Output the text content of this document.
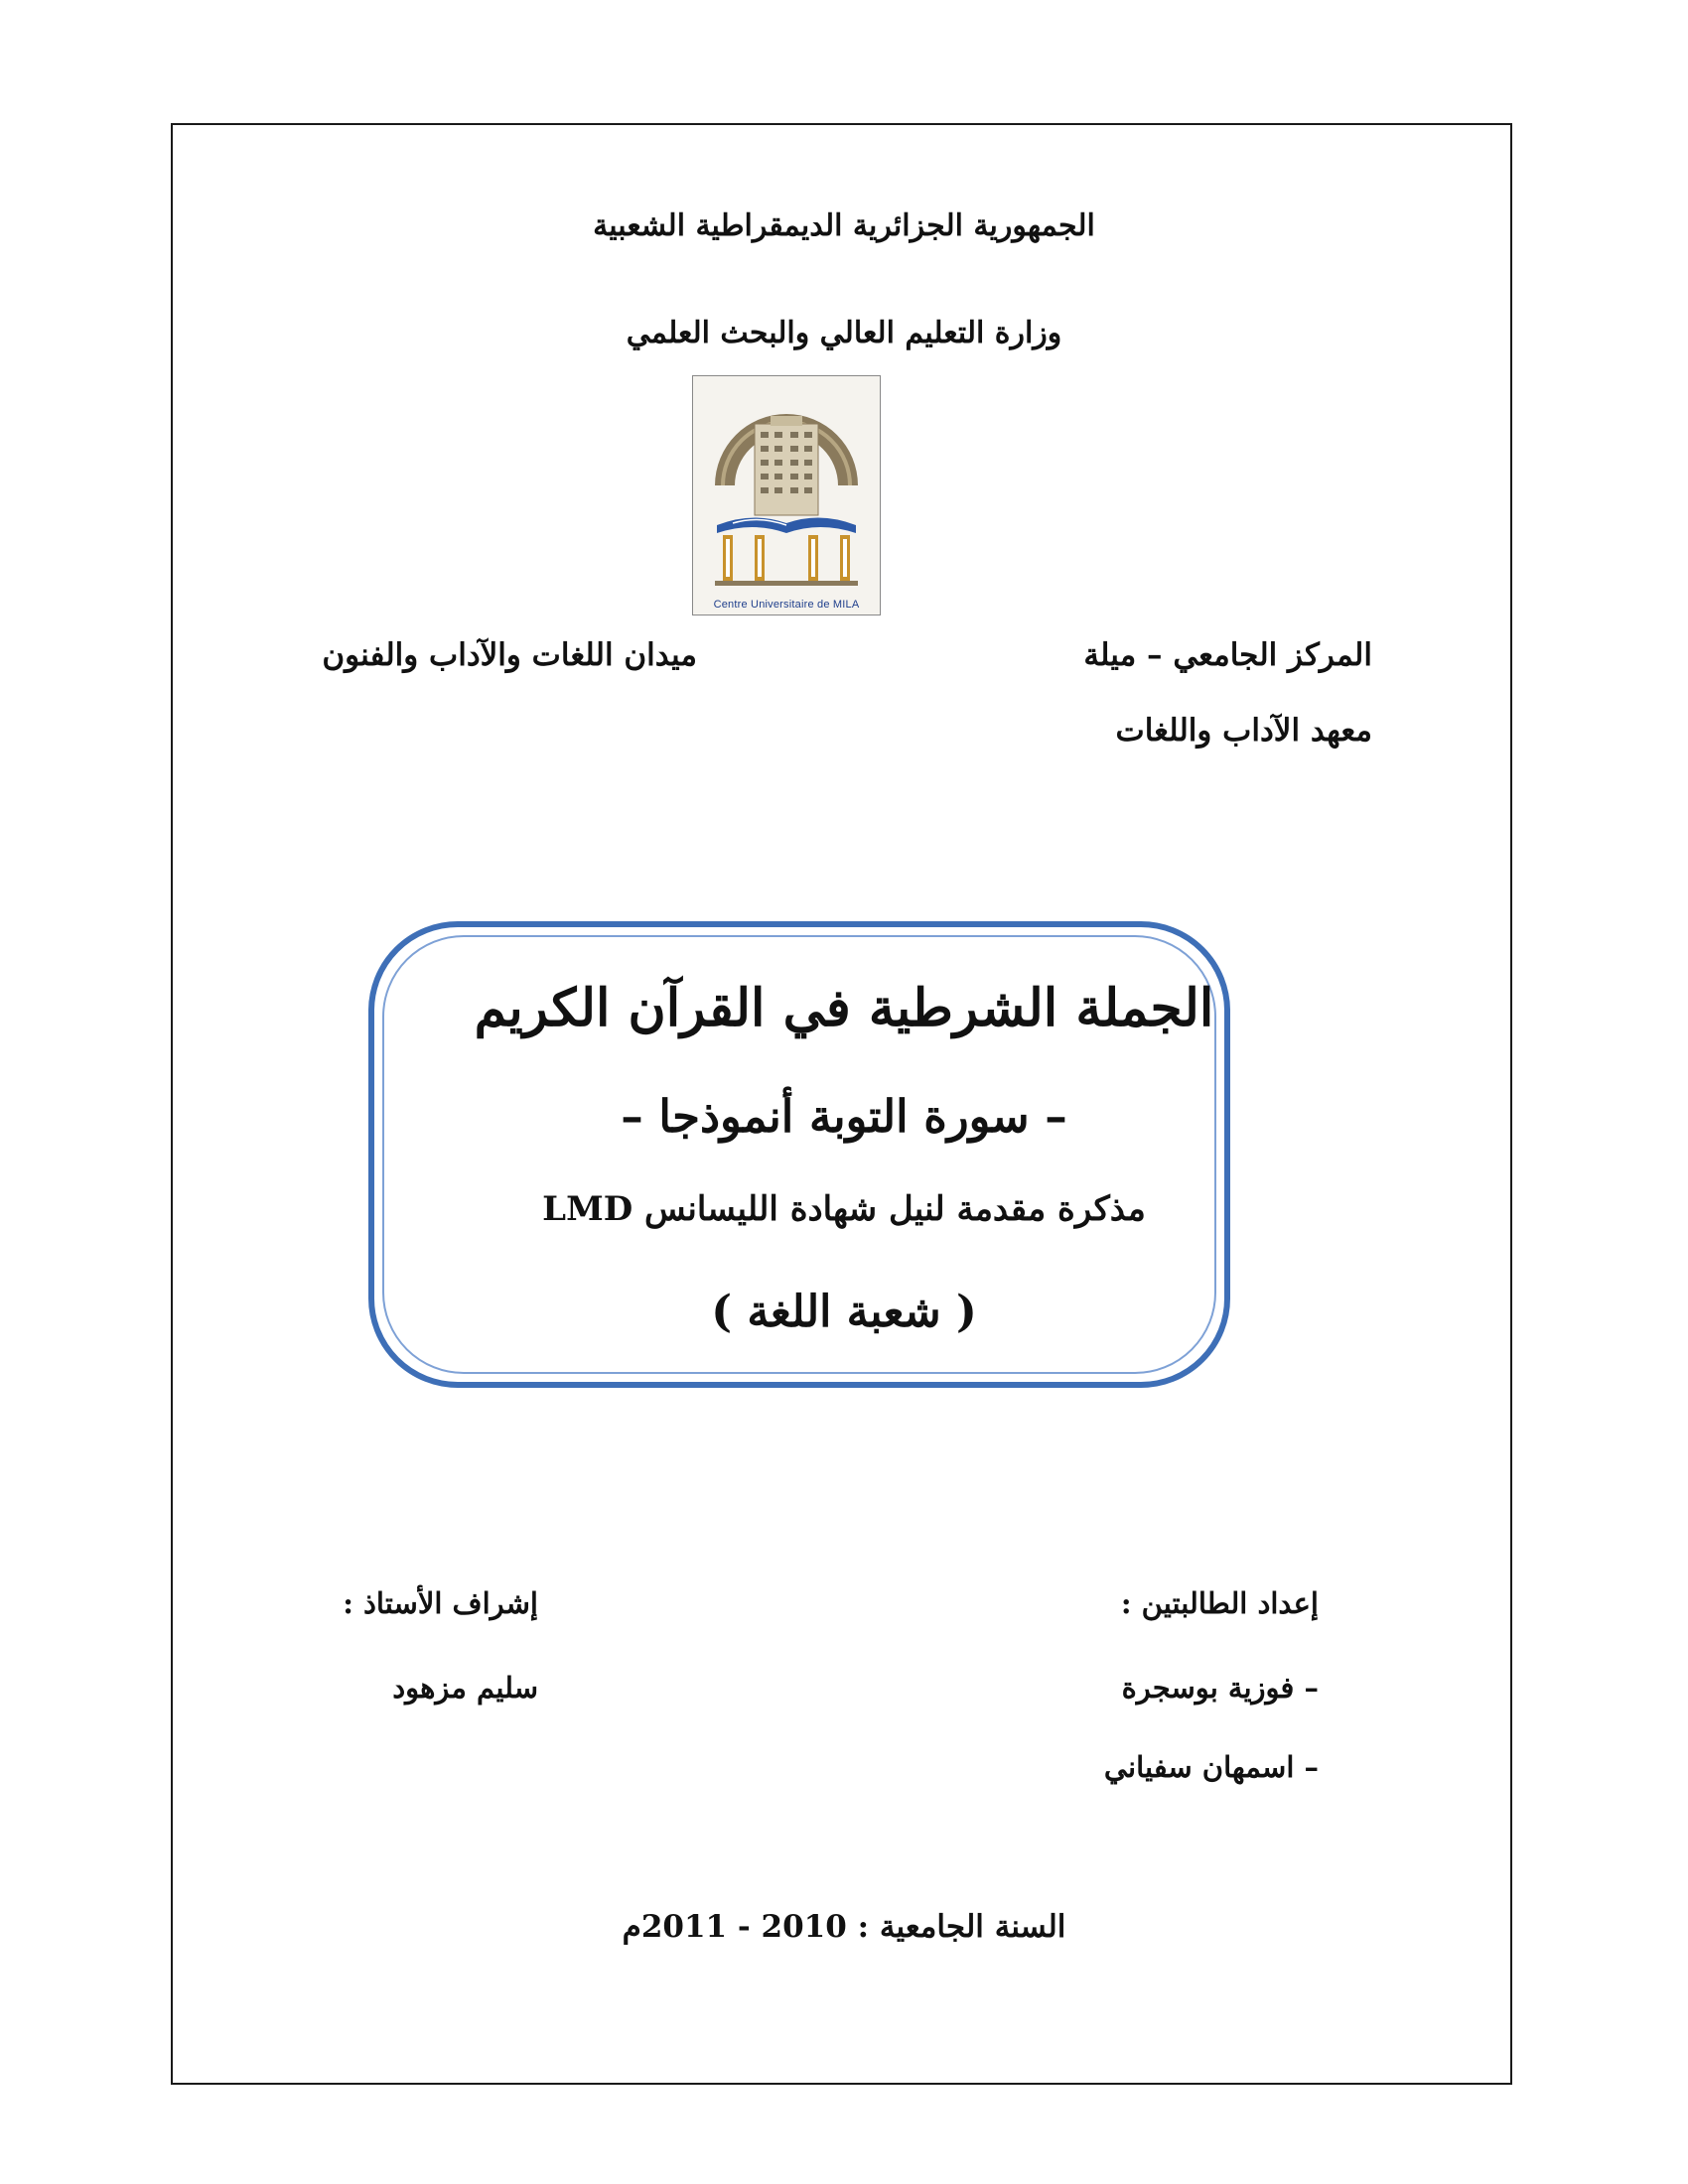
الجمهورية الجزائرية الديمقراطية الشعبية
وزارة التعليم العالي والبحث العلمي
Centre Universitaire de MILA
المركز الجامعي – ميلة
ميدان اللغات والآداب والفنون
معهد الآداب واللغات
الجملة الشرطية في القرآن الكريم
– سورة التوبة أنموذجا –
مذكرة مقدمة لنيل شهادة الليسانس LMD
( شعبة اللغة )
إعداد الطالبتين :
– فوزية بوسجرة
– اسمهان سفياني
إشراف الأستاذ :
سليم مزهود
السنة الجامعية : 2010 - 2011م
